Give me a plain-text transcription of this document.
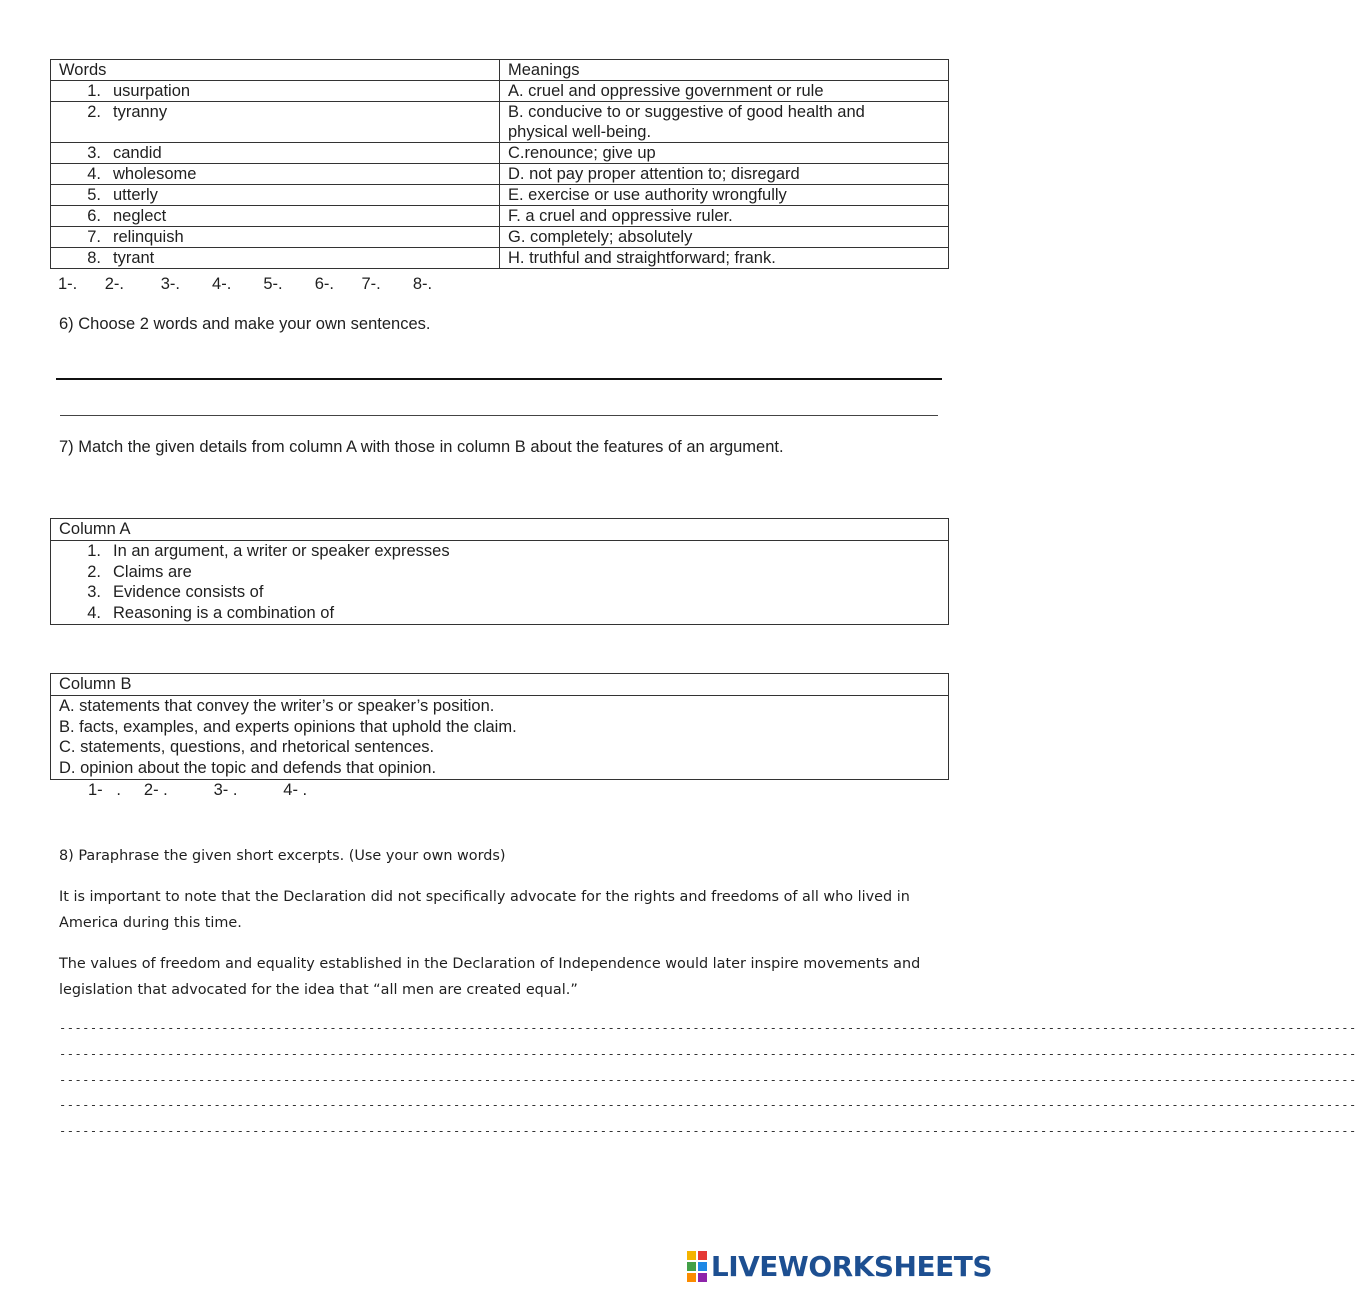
Words	Meanings
1. usurpation	A. cruel and oppressive government or rule

2. tyranny	B. conducive to or suggestive of good health and
physical well-being.

3. candid	C.renounce; give up

4. wholesome	D. not pay proper attention to; disregard

5. utterly	E. exercise or use authority wrongfully

6. neglect	F. a cruel and oppressive ruler.

7. relinquish	G. completely; absolutely

8. tyrant	H. truthful and straightforward; frank.
1-.      2-.        3-.       4-.       5-.       6-.      7-.       8-.
6) Choose 2 words and make your own sentences.
7) Match the given details from column A with those in column B about the features of an argument.
Column A
1. In an argument, a writer or speaker expresses
2. Claims are
3. Evidence consists of
4. Reasoning is a combination of
Column B
A. statements that convey the writer’s or speaker’s position.
B. facts, examples, and experts opinions that uphold the claim.
C. statements, questions, and rhetorical sentences.
D. opinion about the topic and defends that opinion.
1-   .     2- .          3- .          4- .
8) Paraphrase the given short excerpts. (Use your own words)
It is important to note that the Declaration did not specifically advocate for the rights and freedoms of all who lived in America during this time.
The values of freedom and equality established in the Declaration of Independence would later inspire movements and legislation that advocated for the idea that “all men are created equal.”
------------------------------------------------------------------------------------------------------------------------------------------------------------------------
------------------------------------------------------------------------------------------------------------------------------------------------------------------------
------------------------------------------------------------------------------------------------------------------------------------------------------------------------
------------------------------------------------------------------------------------------------------------------------------------------------------------------------
------------------------------------------------------------------------------------------------------------------------------------------------------------------------
LIVEWORKSHEETS
